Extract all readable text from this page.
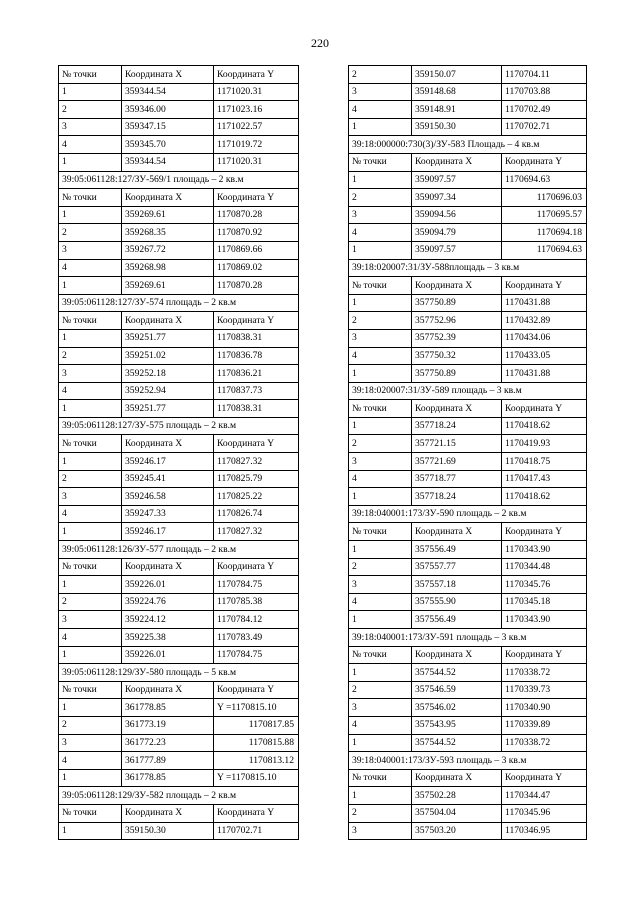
220
№ точки	Координата X	Координата Y
1	359344.54	1171020.31
2	359346.00	1171023.16
3	359347.15	1171022.57
4	359345.70	1171019.72
1	359344.54	1171020.31
39:05:061128:127/ЗУ-569/1 площадь – 2 кв.м		
№ точки	Координата X	Координата Y
1	359269.61	1170870.28
2	359268.35	1170870.92
3	359267.72	1170869.66
4	359268.98	1170869.02
1	359269.61	1170870.28
39:05:061128:127/ЗУ-574 площадь – 2 кв.м		
№ точки	Координата X	Координата Y
1	359251.77	1170838.31
2	359251.02	1170836.78
3	359252.18	1170836.21
4	359252.94	1170837.73
1	359251.77	1170838.31
39:05:061128:127/ЗУ-575 площадь – 2 кв.м		
№ точки	Координата X	Координата Y
1	359246.17	1170827.32
2	359245.41	1170825.79
3	359246.58	1170825.22
4	359247.33	1170826.74
1	359246.17	1170827.32
39:05:061128:126/ЗУ-577 площадь – 2 кв.м		
№ точки	Координата X	Координата Y
1	359226.01	1170784.75
2	359224.76	1170785.38
3	359224.12	1170784.12
4	359225.38	1170783.49
1	359226.01	1170784.75
39:05:061128:129/ЗУ-580 площадь – 5 кв.м		
№ точки	Координата X	Координата Y
1	361778.85	Y =1170815.10
2	361773.19	1170817.85
3	361772.23	1170815.88
4	361777.89	1170813.12
1	361778.85	Y =1170815.10
39:05:061128:129/ЗУ-582 площадь – 2 кв.м		
№ точки	Координата X	Координата Y
1	359150.30	1170702.71
2	359150.07	1170704.11
3	359148.68	1170703.88
4	359148.91	1170702.49
1	359150.30	1170702.71
39:18:000000:730(3)/ЗУ-583 Площадь – 4 кв.м		
№ точки	Координата X	Координата Y
1	359097.57	1170694.63
2	359097.34	1170696.03
3	359094.56	1170695.57
4	359094.79	1170694.18
1	359097.57	1170694.63
39:18:020007:31/ЗУ-588площадь – 3 кв.м		
№ точки	Координата X	Координата Y
1	357750.89	1170431.88
2	357752.96	1170432.89
3	357752.39	1170434.06
4	357750.32	1170433.05
1	357750.89	1170431.88
39:18:020007:31/ЗУ-589 площадь – 3 кв.м		
№ точки	Координата X	Координата Y
1	357718.24	1170418.62
2	357721.15	1170419.93
3	357721.69	1170418.75
4	357718.77	1170417.43
1	357718.24	1170418.62
39:18:040001:173/ЗУ-590 площадь – 2 кв.м		
№ точки	Координата X	Координата Y
1	357556.49	1170343.90
2	357557.77	1170344.48
3	357557.18	1170345.76
4	357555.90	1170345.18
1	357556.49	1170343.90
39:18:040001:173/ЗУ-591 площадь – 3 кв.м		
№ точки	Координата X	Координата Y
1	357544.52	1170338.72
2	357546.59	1170339.73
3	357546.02	1170340.90
4	357543.95	1170339.89
1	357544.52	1170338.72
39:18:040001:173/ЗУ-593 площадь – 3 кв.м		
№ точки	Координата X	Координата Y
1	357502.28	1170344.47
2	357504.04	1170345.96
3	357503.20	1170346.95
